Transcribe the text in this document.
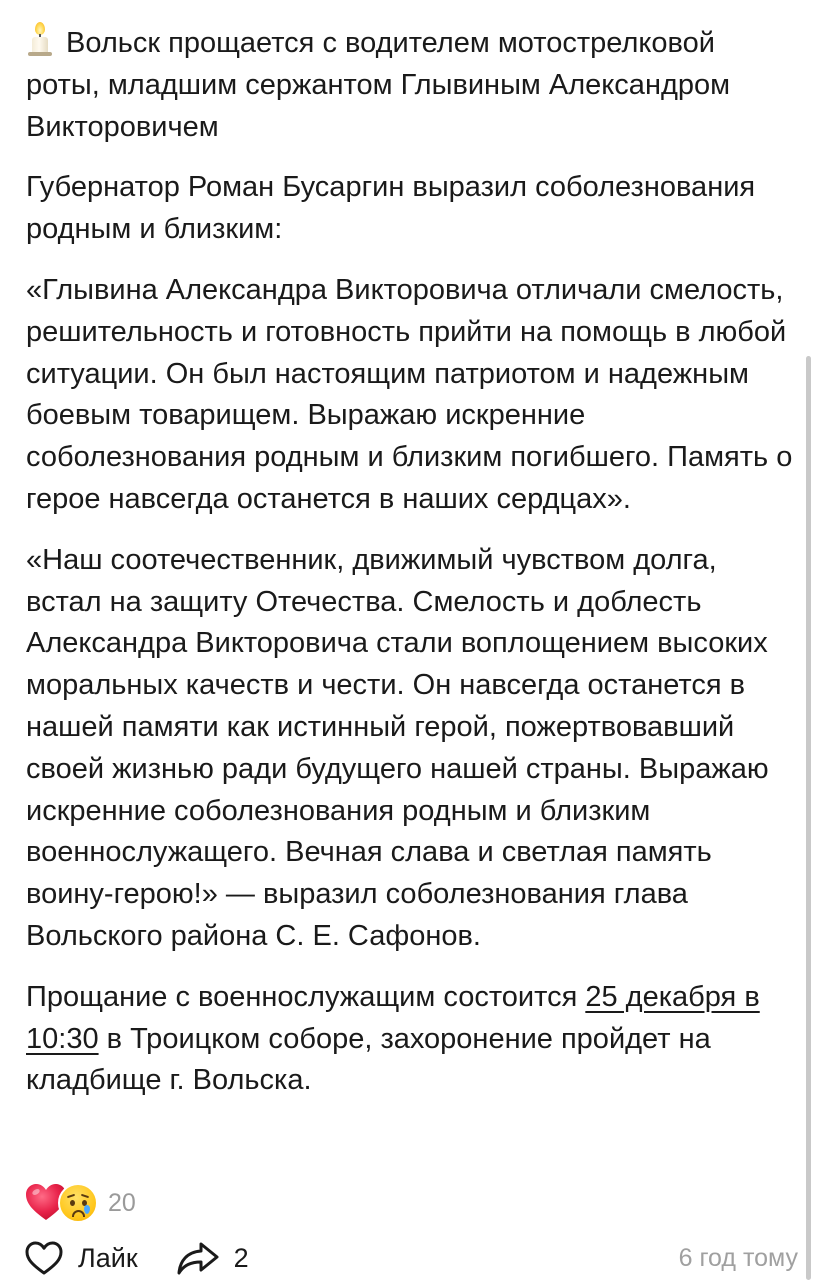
Вольск прощается с водителем мотострелковой роты, младшим сержантом Глывиным Александром Викторовичем
Губернатор Роман Бусаргин выразил соболезнования родным и близким:
«Глывина Александра Викторовича отличали смелость, решительность и готовность прийти на помощь в любой ситуации. Он был настоящим патриотом и надежным боевым товарищем. Выражаю искренние соболезнования родным и близким погибшего. Память о герое навсегда останется в наших сердцах».
«Наш соотечественник, движимый чувством долга, встал на защиту Отечества. Смелость и доблесть Александра Викторовича стали воплощением высоких моральных качеств и чести. Он навсегда останется в нашей памяти как истинный герой, пожертвовавший своей жизнью ради будущего нашей страны. Выражаю искренние соболезнования родным и близким военнослужащего. Вечная слава и светлая память воину-герою!» — выразил соболезнования глава Вольского района С. Е. Сафонов.
Прощание с военнослужащим состоится 25 декабря в 10:30 в Троицком соборе, захоронение пройдет на кладбище г. Вольска.
20
Лайк	2	6 год тому
